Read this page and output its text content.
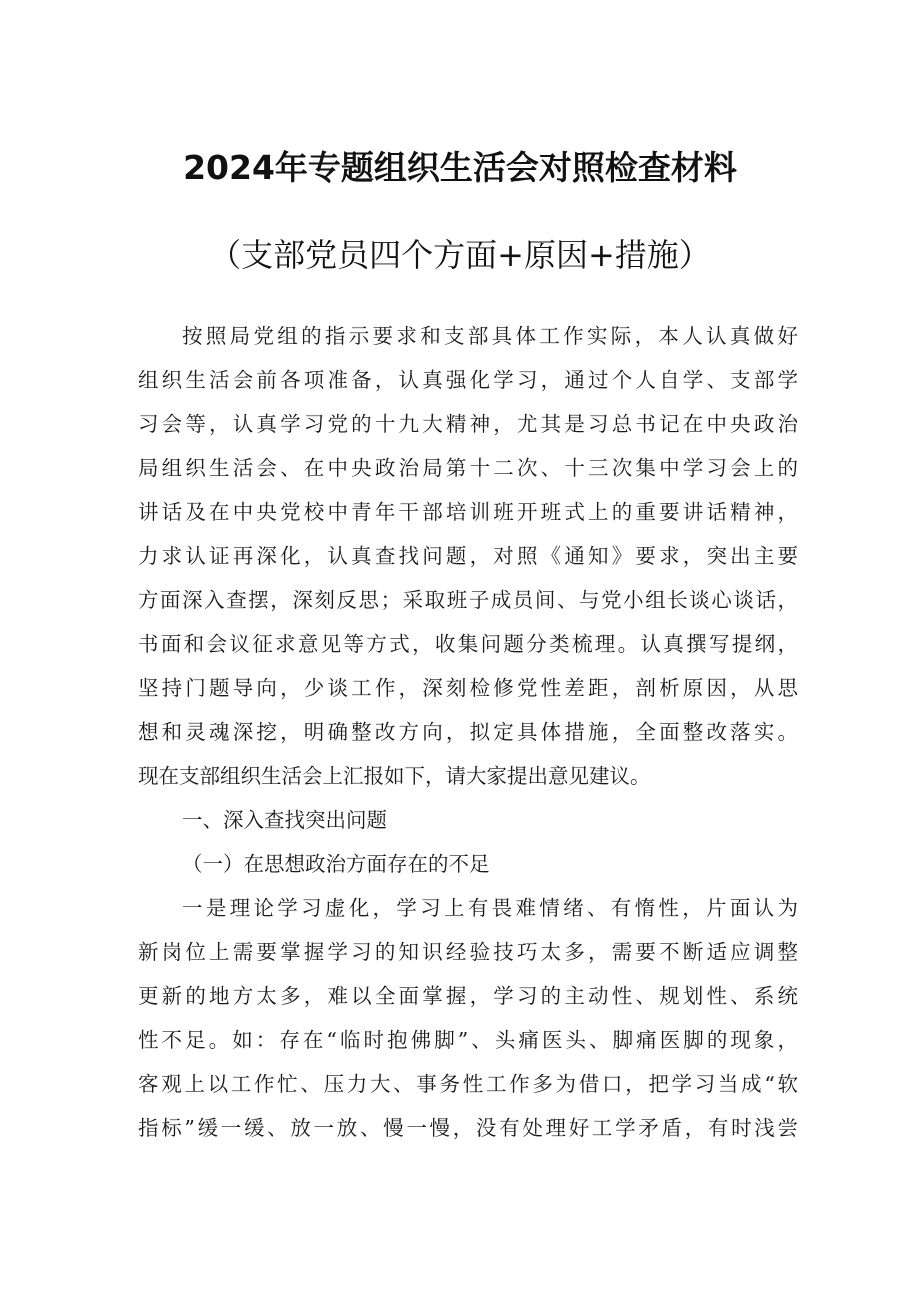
2024年专题组织生活会对照检查材料
（支部党员四个方面+原因+措施）
按照局党组的指示要求和支部具体工作实际，本人认真做好
组织生活会前各项准备，认真强化学习，通过个人自学、支部学
习会等，认真学习党的十九大精神，尤其是习总书记在中央政治
局组织生活会、在中央政治局第十二次、十三次集中学习会上的
讲话及在中央党校中青年干部培训班开班式上的重要讲话精神，
力求认证再深化，认真查找问题，对照《通知》要求，突出主要
方面深入查摆，深刻反思；采取班子成员间、与党小组长谈心谈话，
书面和会议征求意见等方式，收集问题分类梳理。认真撰写提纲，
坚持门题导向，少谈工作，深刻检修党性差距，剖析原因，从思
想和灵魂深挖，明确整改方向，拟定具体措施，全面整改落实。
现在支部组织生活会上汇报如下，请大家提出意见建议。
一、深入查找突出问题
（一）在思想政治方面存在的不足
一是理论学习虚化，学习上有畏难情绪、有惰性，片面认为
新岗位上需要掌握学习的知识经验技巧太多，需要不断适应调整
更新的地方太多，难以全面掌握，学习的主动性、规划性、系统
性不足。如：存在“临时抱佛脚”、头痛医头、脚痛医脚的现象，
客观上以工作忙、压力大、事务性工作多为借口，把学习当成“软
指标”缓一缓、放一放、慢一慢，没有处理好工学矛盾，有时浅尝
